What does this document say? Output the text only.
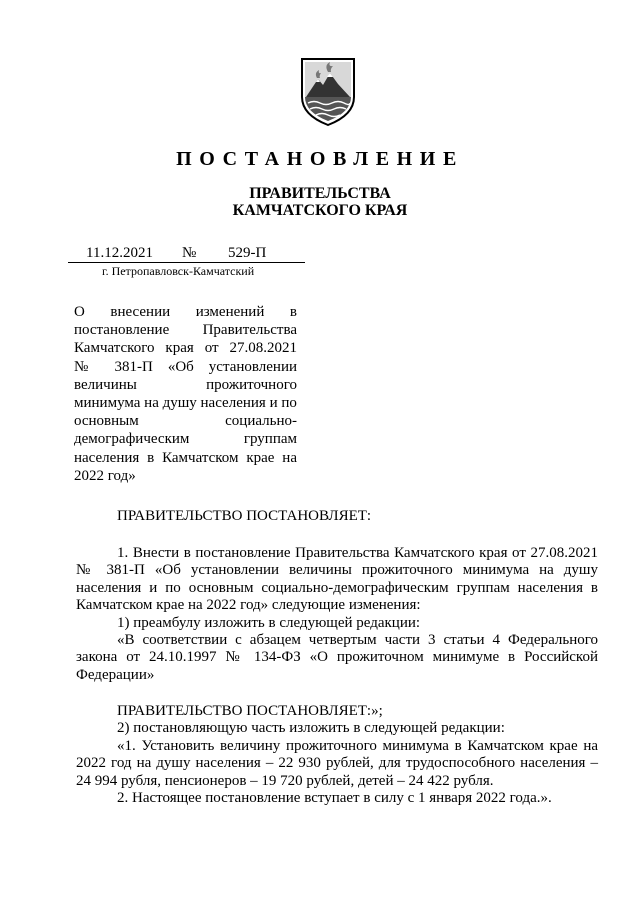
ПОСТАНОВЛЕНИЕ
ПРАВИТЕЛЬСТВА
КАМЧАТСКОГО КРАЯ
11.12.2021 № 529-П
г. Петропавловск-Камчатский
О внесении изменений в
постановление Правительства
Камчатского края от 27.08.2021
№ 381-П «Об установлении
величины прожиточного
минимума на душу населения и по
основным социально-
демографическим группам
населения в Камчатском крае на
2022 год»
ПРАВИТЕЛЬСТВО ПОСТАНОВЛЯЕТ:
1. Внести в постановление Правительства Камчатского края от 27.08.2021
№ 381-П «Об установлении величины прожиточного минимума на душу
населения и по основным социально-демографическим группам населения в
Камчатском крае на 2022 год» следующие изменения:
1) преамбулу изложить в следующей редакции:
«В соответствии с абзацем четвертым части 3 статьи 4 Федерального
закона от 24.10.1997 № 134-ФЗ «О прожиточном минимуме в Российской
Федерации»
ПРАВИТЕЛЬСТВО ПОСТАНОВЛЯЕТ:»;
2) постановляющую часть изложить в следующей редакции:
«1. Установить величину прожиточного минимума в Камчатском крае на
2022 год на душу населения – 22 930 рублей, для трудоспособного населения –
24 994 рубля, пенсионеров – 19 720 рублей, детей – 24 422 рубля.
2. Настоящее постановление вступает в силу с 1 января 2022 года.».
